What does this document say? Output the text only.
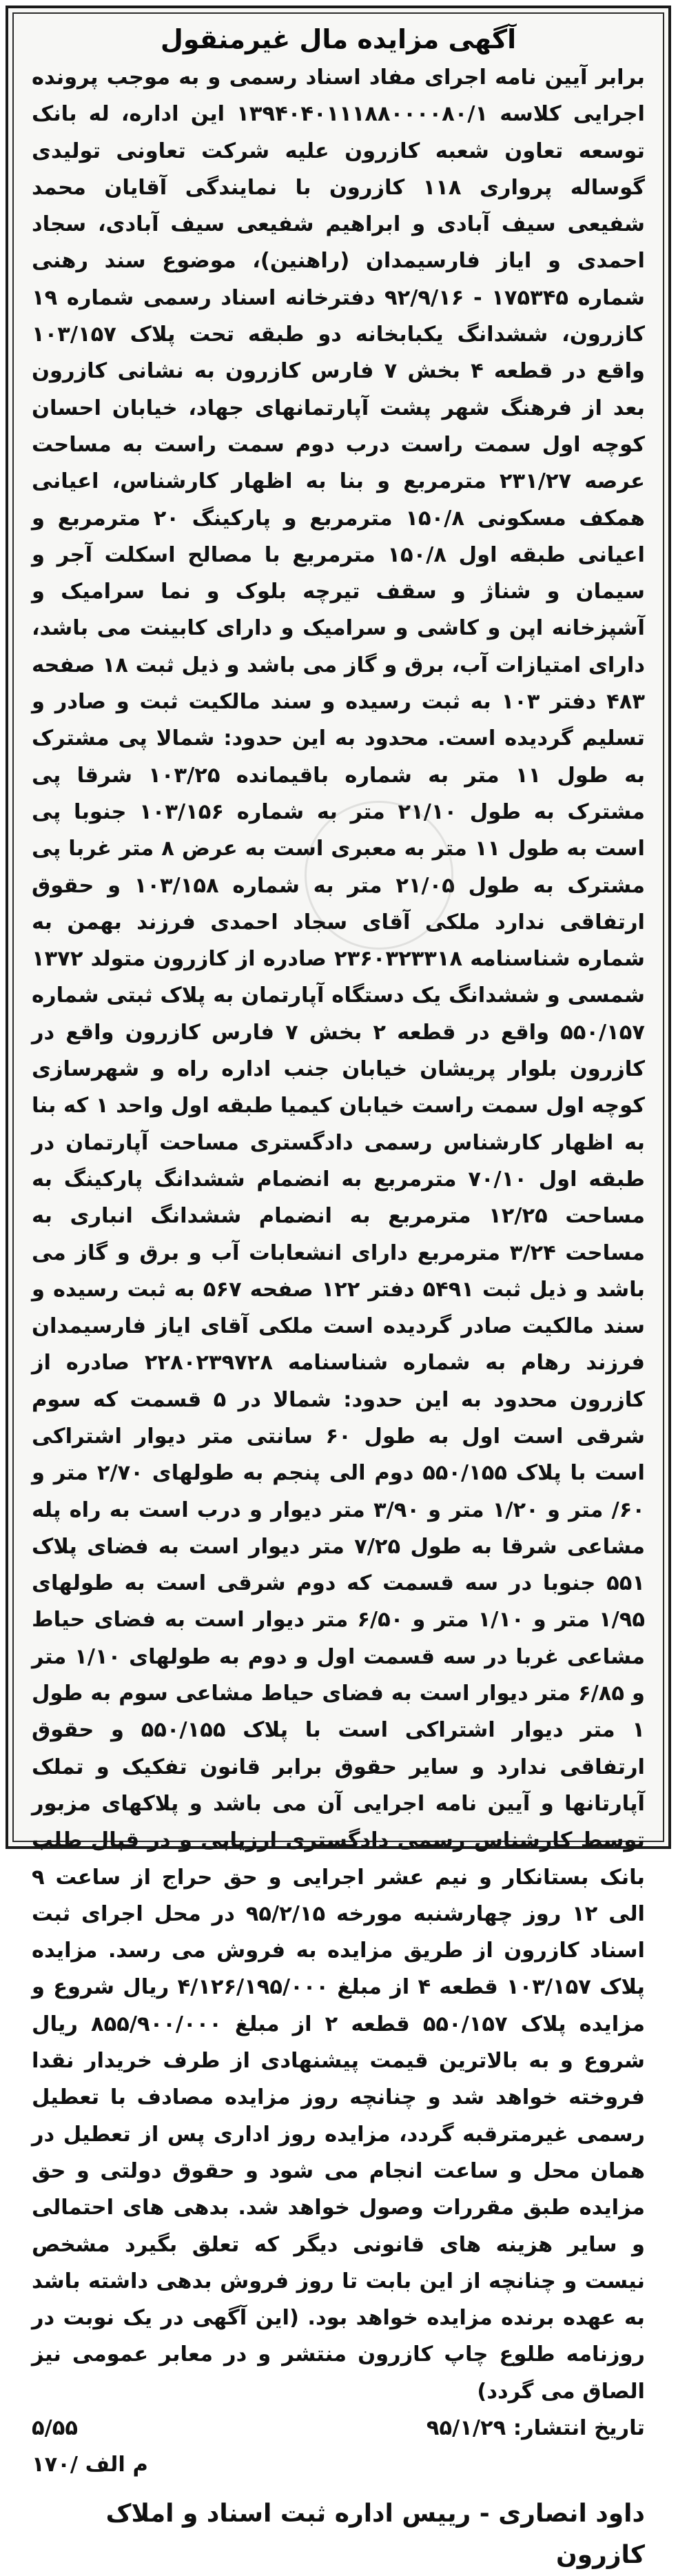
آگهی مزایده مال غیرمنقول

برابر آیین نامه اجرای مفاد اسناد رسمی و به موجب پرونده اجرایی کلاسه ۱۳۹۴۰۴۰۱۱۱۸۸۰۰۰۰۸۰/۱ این اداره، له بانک توسعه تعاون شعبه کازرون علیه شرکت تعاونی تولیدی گوساله پرواری ۱۱۸ کازرون با نمایندگی آقایان محمد شفیعی سیف آبادی و ابراهیم شفیعی سیف آبادی، سجاد احمدی و ایاز فارسیمدان (راهنین)، موضوع سند رهنی شماره ۱۷۵۳۴۵ - ۹۲/۹/۱۶ دفترخانه اسناد رسمی شماره ۱۹ کازرون، ششدانگ یکبابخانه دو طبقه تحت پلاک ۱۰۳/۱۵۷ واقع در قطعه ۴ بخش ۷ فارس کازرون به نشانی کازرون بعد از فرهنگ شهر پشت آپارتمانهای جهاد، خیابان احسان کوچه اول سمت راست درب دوم سمت راست به مساحت عرصه ۲۳۱/۲۷ مترمربع و بنا به اظهار کارشناس، اعیانی همکف مسکونی ۱۵۰/۸ مترمربع و پارکینگ ۲۰ مترمربع و اعیانی طبقه اول ۱۵۰/۸ مترمربع با مصالح اسکلت آجر و سیمان و شناژ و سقف تیرچه بلوک و نما سرامیک و آشپزخانه اپن و کاشی و سرامیک و دارای کابینت می باشد، دارای امتیازات آب، برق و گاز می باشد و ذیل ثبت ۱۸ صفحه ۴۸۳ دفتر ۱۰۳ به ثبت رسیده و سند مالکیت ثبت و صادر و تسلیم گردیده است. محدود به این حدود: شمالا پی مشترک به طول ۱۱ متر به شماره باقیمانده ۱۰۳/۲۵ شرقا پی مشترک به طول ۲۱/۱۰ متر به شماره ۱۰۳/۱۵۶ جنوبا پی است به طول ۱۱ متر به معبری است به عرض ۸ متر غربا پی مشترک به طول ۲۱/۰۵ متر به شماره ۱۰۳/۱۵۸ و حقوق ارتفاقی ندارد ملکی آقای سجاد احمدی فرزند بهمن به شماره شناسنامه ۲۳۶۰۳۲۳۳۱۸ صادره از کازرون متولد ۱۳۷۲ شمسی و ششدانگ یک دستگاه آپارتمان به پلاک ثبتی شماره ۵۵۰/۱۵۷ واقع در قطعه ۲ بخش ۷ فارس کازرون واقع در کازرون بلوار پریشان خیابان جنب اداره راه و شهرسازی کوچه اول سمت راست خیابان کیمیا طبقه اول واحد ۱ که بنا به اظهار کارشناس رسمی دادگستری مساحت آپارتمان در طبقه اول ۷۰/۱۰ مترمربع به انضمام ششدانگ پارکینگ به مساحت ۱۲/۲۵ مترمربع به انضمام ششدانگ انباری به مساحت ۳/۲۴ مترمربع دارای انشعابات آب و برق و گاز می باشد و ذیل ثبت ۵۴۹۱ دفتر ۱۲۲ صفحه ۵۶۷ به ثبت رسیده و سند مالکیت صادر گردیده است ملکی آقای ایاز فارسیمدان فرزند رهام به شماره شناسنامه ۲۲۸۰۲۳۹۷۲۸ صادره از کازرون محدود به این حدود: شمالا در ۵ قسمت که سوم شرقی است اول به طول ۶۰ سانتی متر دیوار اشتراکی است با پلاک ۵۵۰/۱۵۵ دوم الی پنجم به طولهای ۲/۷۰ متر و ۶۰/ متر و ۱/۲۰ متر و ۳/۹۰ متر دیوار و درب است به راه پله مشاعی شرقا به طول ۷/۲۵ متر دیوار است به فضای پلاک ۵۵۱ جنوبا در سه قسمت که دوم شرقی است به طولهای ۱/۹۵ متر و ۱/۱۰ متر و ۶/۵۰ متر دیوار است به فضای حیاط مشاعی غربا در سه قسمت اول و دوم به طولهای ۱/۱۰ متر و ۶/۸۵ متر دیوار است به فضای حیاط مشاعی سوم به طول ۱ متر دیوار اشتراکی است با پلاک ۵۵۰/۱۵۵ و حقوق ارتفاقی ندارد و سایر حقوق برابر قانون تفکیک و تملک آپارتانها و آیین نامه اجرایی آن می باشد و پلاکهای مزبور توسط کارشناس رسمی دادگستری ارزیابی و در قبال طلب بانک بستانکار و نیم عشر اجرایی و حق حراج از ساعت ۹ الی ۱۲ روز چهارشنبه مورخه ۹۵/۲/۱۵ در محل اجرای ثبت اسناد کازرون از طریق مزایده به فروش می رسد. مزایده پلاک ۱۰۳/۱۵۷ قطعه ۴ از مبلغ ۴/۱۲۶/۱۹۵/۰۰۰ ریال شروع و مزایده پلاک ۵۵۰/۱۵۷ قطعه ۲ از مبلغ ۸۵۵/۹۰۰/۰۰۰ ریال شروع و به بالاترین قیمت پیشنهادی از طرف خریدار نقدا فروخته خواهد شد و چنانچه روز مزایده مصادف با تعطیل رسمی غیرمترقبه گردد، مزایده روز اداری پس از تعطیل در همان محل و ساعت انجام می شود و حقوق دولتی و حق مزایده طبق مقررات وصول خواهد شد. بدهی های احتمالی و سایر هزینه های قانونی دیگر که تعلق بگیرد مشخص نیست و چنانچه از این بابت تا روز فروش بدهی داشته باشد به عهده برنده مزایده خواهد بود. (این آگهی در یک نوبت در روزنامه طلوع چاپ کازرون منتشر و در معابر عمومی نیز الصاق می گردد)

تاریخ انتشار: ۹۵/۱/۲۹
۵/۵۵
۱۷۰/ م الف
داود انصاری - رییس اداره ثبت اسناد و املاک کازرون
